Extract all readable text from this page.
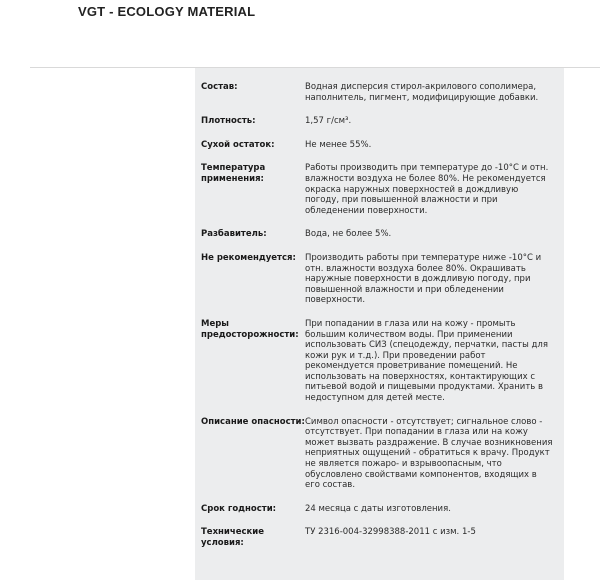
VGT - ECOLOGY MATERIAL
Состав:	Водная дисперсия стирол-акрилового сополимера, наполнитель, пигмент, модифицирующие добавки.
Плотность:	1,57 г/см³.
Сухой остаток:	Не менее 55%.
Температура применения:
Работы производить при температуре до -10°С и отн. влажности воздуха не более 80%. Не рекомендуется окраска наружных поверхностей в дождливую погоду, при повышенной влажности и при обледенении поверхности.
Разбавитель:	Вода, не более 5%.
Не рекомендуется:	Производить работы при температуре ниже -10°С и отн. влажности воздуха более 80%. Окрашивать наружные поверхности в дождливую погоду, при повышенной влажности и при обледенении поверхности.
Меры предосторожности:
При попадании в глаза или на кожу - промыть большим количеством воды. При применении использовать СИЗ (спецодежду, перчатки, пасты для кожи рук и т.д.). При проведении работ рекомендуется проветривание помещений. Не использовать на поверхностях, контактирующих с питьевой водой и пищевыми продуктами. Хранить в недоступном для детей месте.
Описание опасности: Символ опасности - отсутствует; сигнальное слово - отсутствует. При попадании в глаза или на кожу может вызвать раздражение. В случае возникновения неприятных ощущений - обратиться к врачу. Продукт не является пожаро- и взрывоопасным, что обусловлено свойствами компонентов, входящих в его состав.
Срок годности:	24 месяца с даты изготовления.
Технические условия:
ТУ 2316-004-32998388-2011 с изм. 1-5
